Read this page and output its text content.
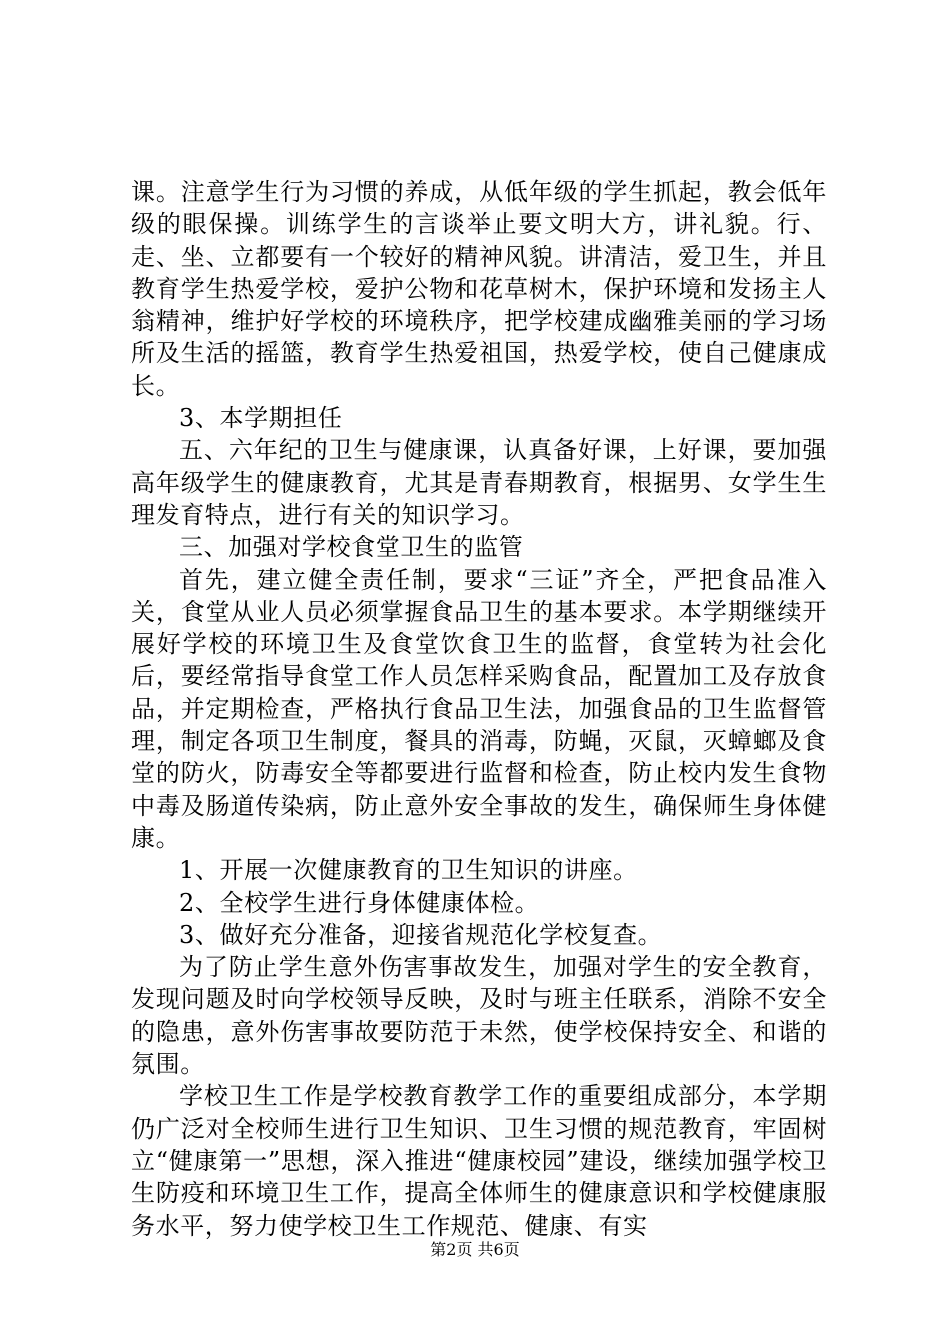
课。注意学生行为习惯的养成，从低年级的学生抓起，教会低年级的眼保操。训练学生的言谈举止要文明大方，讲礼貌。行、走、坐、立都要有一个较好的精神风貌。讲清洁，爱卫生，并且教育学生热爱学校，爱护公物和花草树木，保护环境和发扬主人翁精神，维护好学校的环境秩序，把学校建成幽雅美丽的学习场所及生活的摇篮，教育学生热爱祖国，热爱学校，使自己健康成长。

3、本学期担任

五、六年纪的卫生与健康课，认真备好课，上好课，要加强高年级学生的健康教育，尤其是青春期教育，根据男、女学生生理发育特点，进行有关的知识学习。

三、加强对学校食堂卫生的监管

首先，建立健全责任制，要求“三证”齐全，严把食品准入关，食堂从业人员必须掌握食品卫生的基本要求。本学期继续开展好学校的环境卫生及食堂饮食卫生的监督，食堂转为社会化后，要经常指导食堂工作人员怎样采购食品，配置加工及存放食品，并定期检查，严格执行食品卫生法，加强食品的卫生监督管理，制定各项卫生制度，餐具的消毒，防蝇，灭鼠，灭蟑螂及食堂的防火，防毒安全等都要进行监督和检查，防止校内发生食物中毒及肠道传染病，防止意外安全事故的发生，确保师生身体健康。

1、开展一次健康教育的卫生知识的讲座。

2、全校学生进行身体健康体检。

3、做好充分准备，迎接省规范化学校复查。

为了防止学生意外伤害事故发生，加强对学生的安全教育，发现问题及时向学校领导反映，及时与班主任联系，消除不安全的隐患，意外伤害事故要防范于未然，使学校保持安全、和谐的氛围。

学校卫生工作是学校教育教学工作的重要组成部分，本学期仍广泛对全校师生进行卫生知识、卫生习惯的规范教育，牢固树立“健康第一”思想，深入推进“健康校园”建设，继续加强学校卫生防疫和环境卫生工作，提高全体师生的健康意识和学校健康服务水平，努力使学校卫生工作规范、健康、有实

第2页 共6页
